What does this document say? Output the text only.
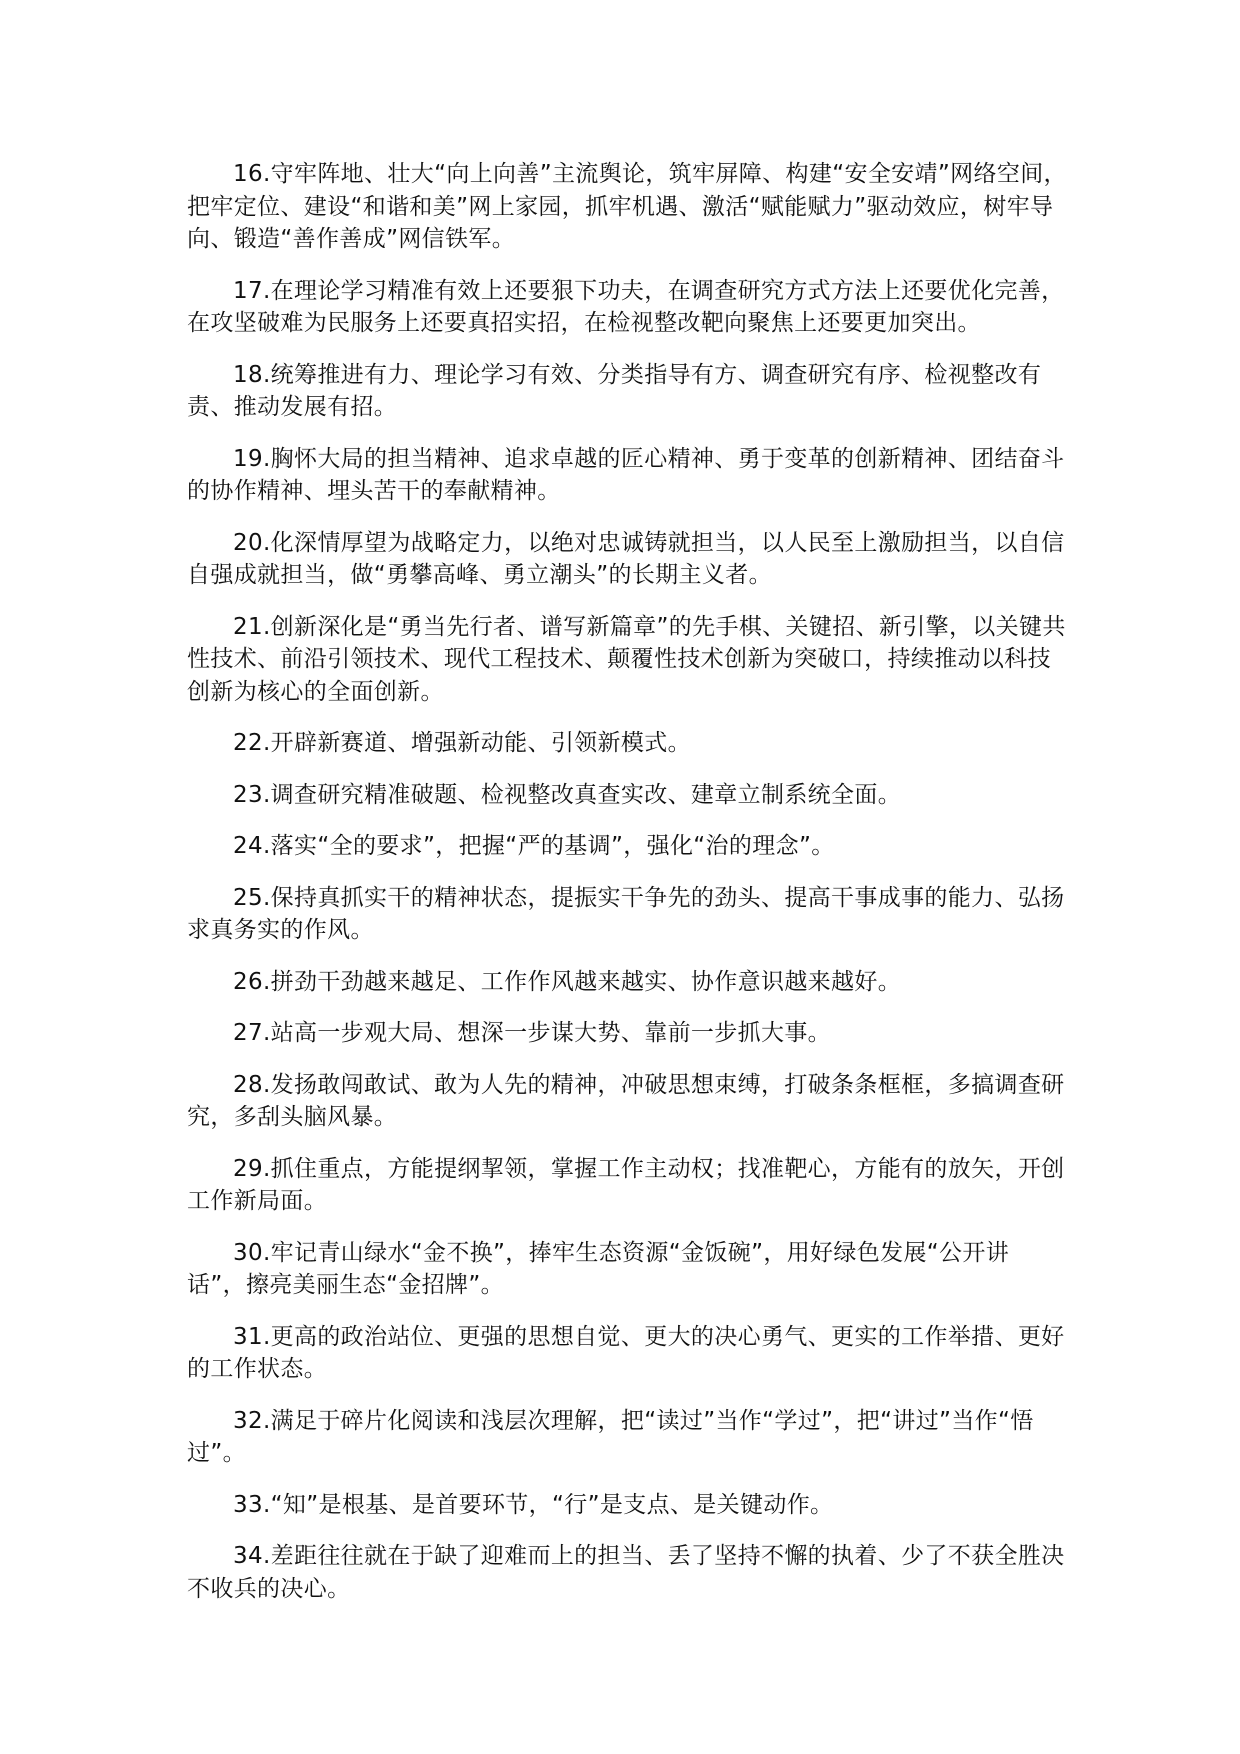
16.守牢阵地、壮大“向上向善”主流舆论，筑牢屏障、构建“安全安靖”网络空间，把牢定位、建设“和谐和美”网上家园，抓牢机遇、激活“赋能赋力”驱动效应，树牢导向、锻造“善作善成”网信铁军。

17.在理论学习精准有效上还要狠下功夫，在调查研究方式方法上还要优化完善，在攻坚破难为民服务上还要真招实招，在检视整改靶向聚焦上还要更加突出。

18.统筹推进有力、理论学习有效、分类指导有方、调查研究有序、检视整改有责、推动发展有招。

19.胸怀大局的担当精神、追求卓越的匠心精神、勇于变革的创新精神、团结奋斗的协作精神、埋头苦干的奉献精神。

20.化深情厚望为战略定力，以绝对忠诚铸就担当，以人民至上激励担当，以自信自强成就担当，做“勇攀高峰、勇立潮头”的长期主义者。

21.创新深化是“勇当先行者、谱写新篇章”的先手棋、关键招、新引擎，以关键共性技术、前沿引领技术、现代工程技术、颠覆性技术创新为突破口，持续推动以科技创新为核心的全面创新。

22.开辟新赛道、增强新动能、引领新模式。

23.调查研究精准破题、检视整改真查实改、建章立制系统全面。

24.落实“全的要求”，把握“严的基调”，强化“治的理念”。

25.保持真抓实干的精神状态，提振实干争先的劲头、提高干事成事的能力、弘扬求真务实的作风。

26.拼劲干劲越来越足、工作作风越来越实、协作意识越来越好。

27.站高一步观大局、想深一步谋大势、靠前一步抓大事。

28.发扬敢闯敢试、敢为人先的精神，冲破思想束缚，打破条条框框，多搞调查研究，多刮头脑风暴。

29.抓住重点，方能提纲挈领，掌握工作主动权；找准靶心，方能有的放矢，开创工作新局面。

30.牢记青山绿水“金不换”，捧牢生态资源“金饭碗”，用好绿色发展“公开讲话”，擦亮美丽生态“金招牌”。

31.更高的政治站位、更强的思想自觉、更大的决心勇气、更实的工作举措、更好的工作状态。

32.满足于碎片化阅读和浅层次理解，把“读过”当作“学过”，把“讲过”当作“悟过”。

33.“知”是根基、是首要环节，“行”是支点、是关键动作。

34.差距往往就在于缺了迎难而上的担当、丢了坚持不懈的执着、少了不获全胜决不收兵的决心。
